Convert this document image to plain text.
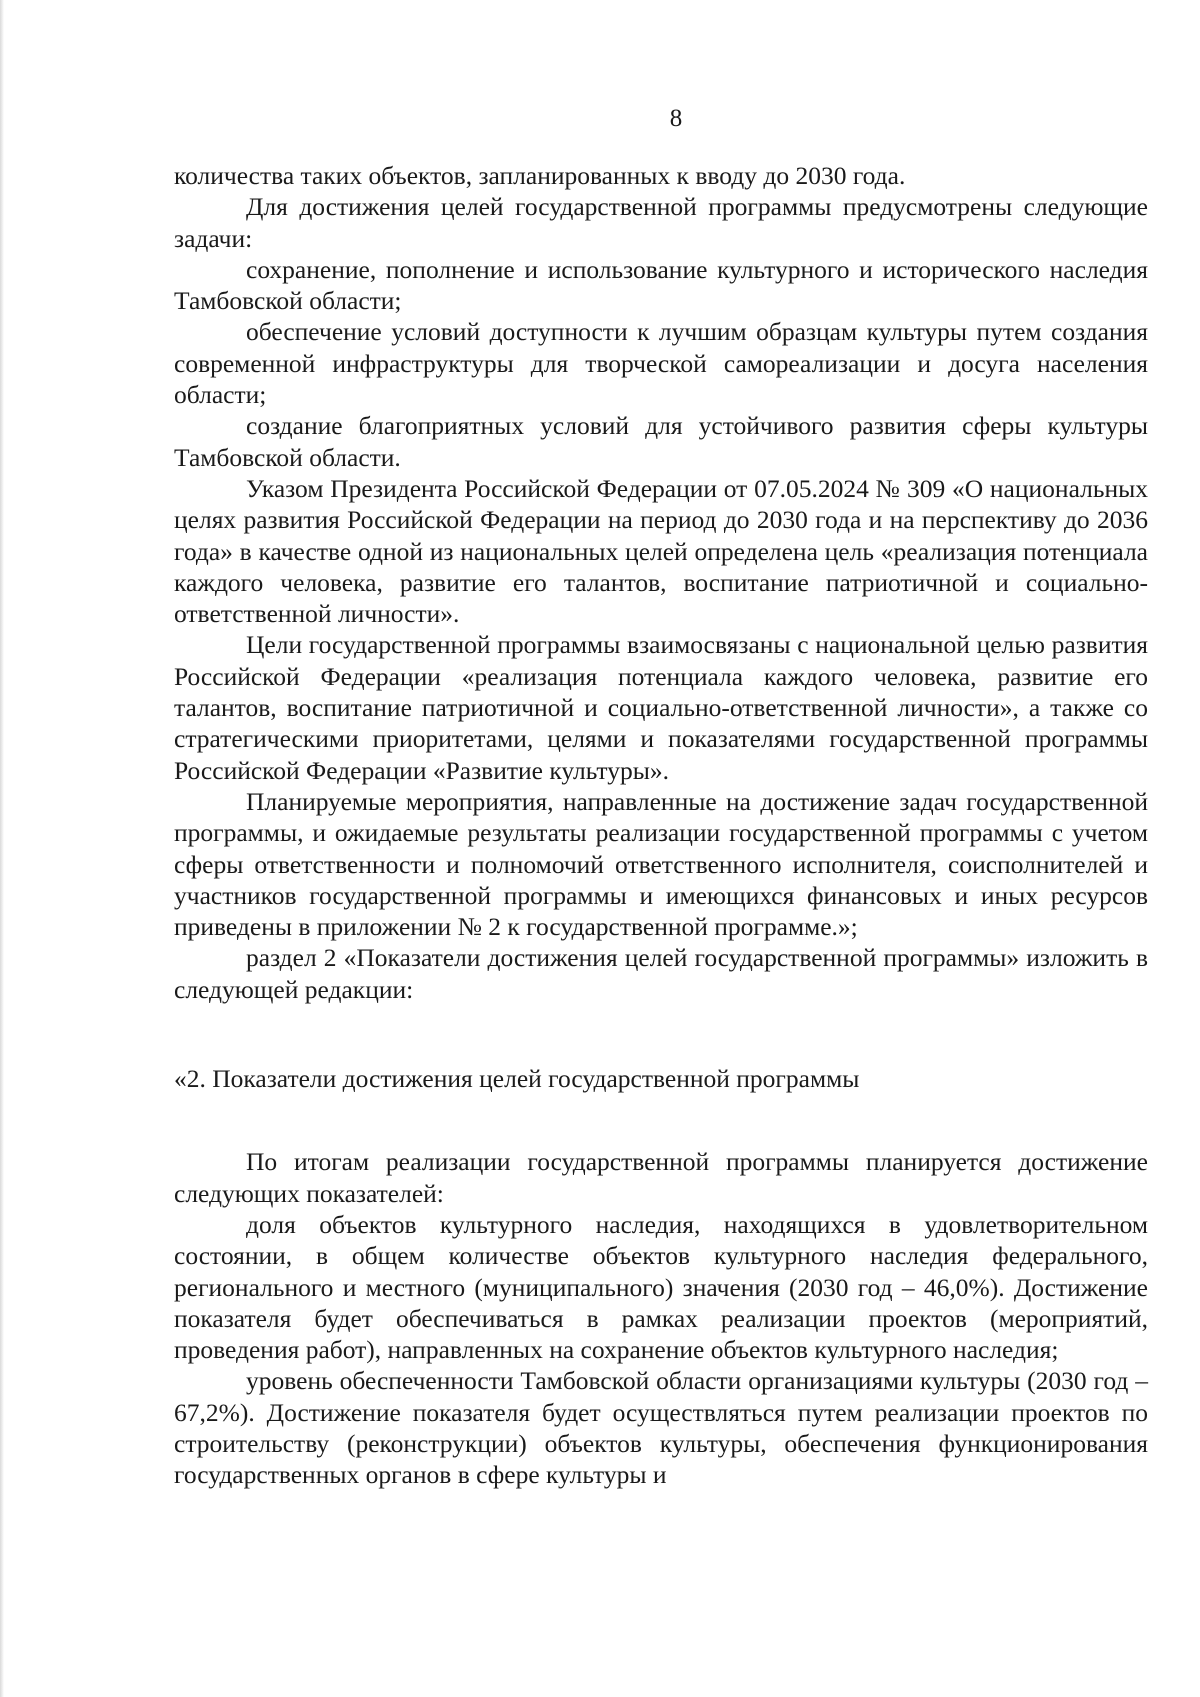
8

количества таких объектов, запланированных к вводу до 2030 года.

Для достижения целей государственной программы предусмотрены следующие задачи:

сохранение, пополнение и использование культурного и исторического наследия Тамбовской области;

обеспечение условий доступности к лучшим образцам культуры путем создания современной инфраструктуры для творческой самореализации и досуга населения области;

создание благоприятных условий для устойчивого развития сферы культуры Тамбовской области.

Указом Президента Российской Федерации от 07.05.2024 № 309 «О национальных целях развития Российской Федерации на период до 2030 года и на перспективу до 2036 года» в качестве одной из национальных целей определена цель «реализация потенциала каждого человека, развитие его талантов, воспитание патриотичной и социально-ответственной личности».

Цели государственной программы взаимосвязаны с национальной целью развития Российской Федерации «реализация потенциала каждого человека, развитие его талантов, воспитание патриотичной и социально-ответственной личности», а также со стратегическими приоритетами, целями и показателями государственной программы Российской Федерации «Развитие культуры».

Планируемые мероприятия, направленные на достижение задач государственной программы, и ожидаемые результаты реализации государственной программы с учетом сферы ответственности и полномочий ответственного исполнителя, соисполнителей и участников государственной программы и имеющихся финансовых и иных ресурсов приведены в приложении № 2 к государственной программе.»;

раздел 2 «Показатели достижения целей государственной программы» изложить в следующей редакции:

«2. Показатели достижения целей государственной программы

По итогам реализации государственной программы планируется достижение следующих показателей:

доля объектов культурного наследия, находящихся в удовлетворительном состоянии, в общем количестве объектов культурного наследия федерального, регионального и местного (муниципального) значения (2030 год – 46,0%). Достижение показателя будет обеспечиваться в рамках реализации проектов (мероприятий, проведения работ), направленных на сохранение объектов культурного наследия;

уровень обеспеченности Тамбовской области организациями культуры (2030 год – 67,2%). Достижение показателя будет осуществляться путем реализации проектов по строительству (реконструкции) объектов культуры, обеспечения функционирования государственных органов в сфере культуры и
